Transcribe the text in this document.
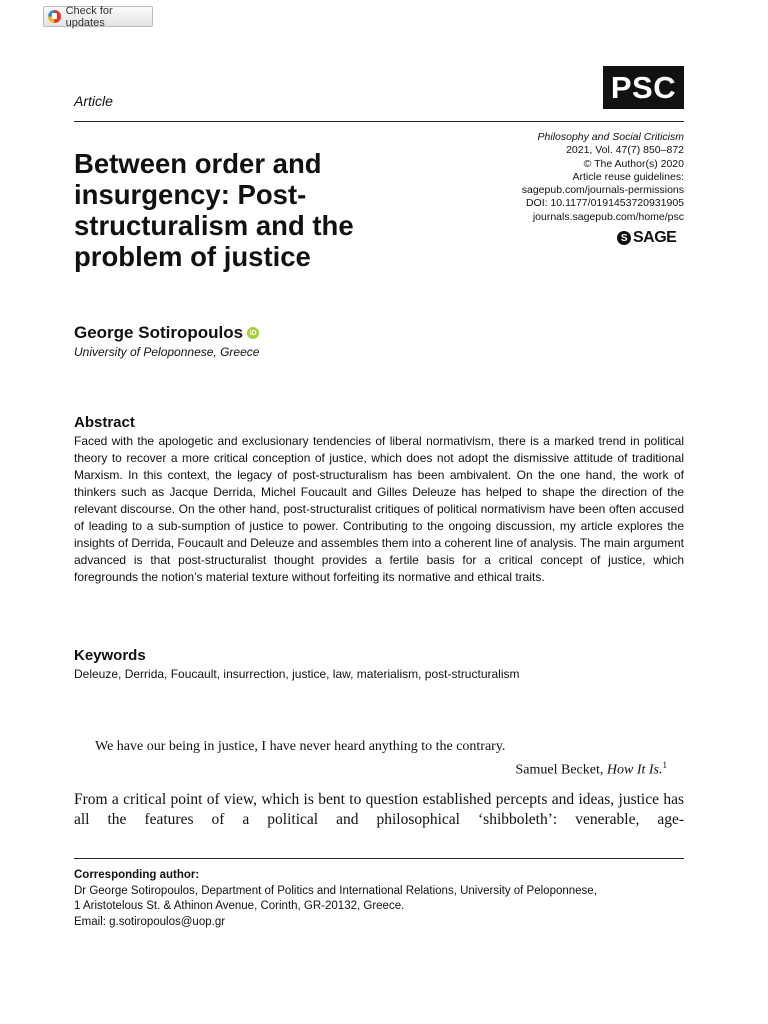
Check for updates
Article	PSC
Between order and insurgency: Post-structuralism and the problem of justice
Philosophy and Social Criticism
2021, Vol. 47(7) 850–872
© The Author(s) 2020
Article reuse guidelines:
sagepub.com/journals-permissions
DOI: 10.1177/0191453720931905
journals.sagepub.com/home/psc
S SAGE
George Sotiropoulos iD
University of Peloponnese, Greece
Abstract

Faced with the apologetic and exclusionary tendencies of liberal normativism, there is a marked trend in political theory to recover a more critical conception of justice, which does not adopt the dismissive attitude of traditional Marxism. In this context, the legacy of post-structuralism has been ambivalent. On the one hand, the work of thinkers such as Jacque Derrida, Michel Foucault and Gilles Deleuze has helped to shape the direction of the relevant discourse. On the other hand, post-structuralist critiques of political normativism have been often accused of leading to a sub-sumption of justice to power. Contributing to the ongoing discussion, my article explores the insights of Derrida, Foucault and Deleuze and assembles them into a coherent line of analysis. The main argument advanced is that post-structuralist thought provides a fertile basis for a critical concept of justice, which foregrounds the notion’s material texture without forfeiting its normative and ethical traits.

Keywords

Deleuze, Derrida, Foucault, insurrection, justice, law, materialism, post-structuralism

We have our being in justice, I have never heard anything to the contrary.
Samuel Becket, How It Is.$^1$

From a critical point of view, which is bent to question established percepts and ideas, justice has all the features of a political and philosophical ‘shibboleth’: venerable, age-

Corresponding author:
Dr George Sotiropoulos, Department of Politics and International Relations, University of Peloponnese,
1 Aristotelous St. & Athinon Avenue, Corinth, GR-20132, Greece.
Email: g.sotiropoulos@uop.gr
